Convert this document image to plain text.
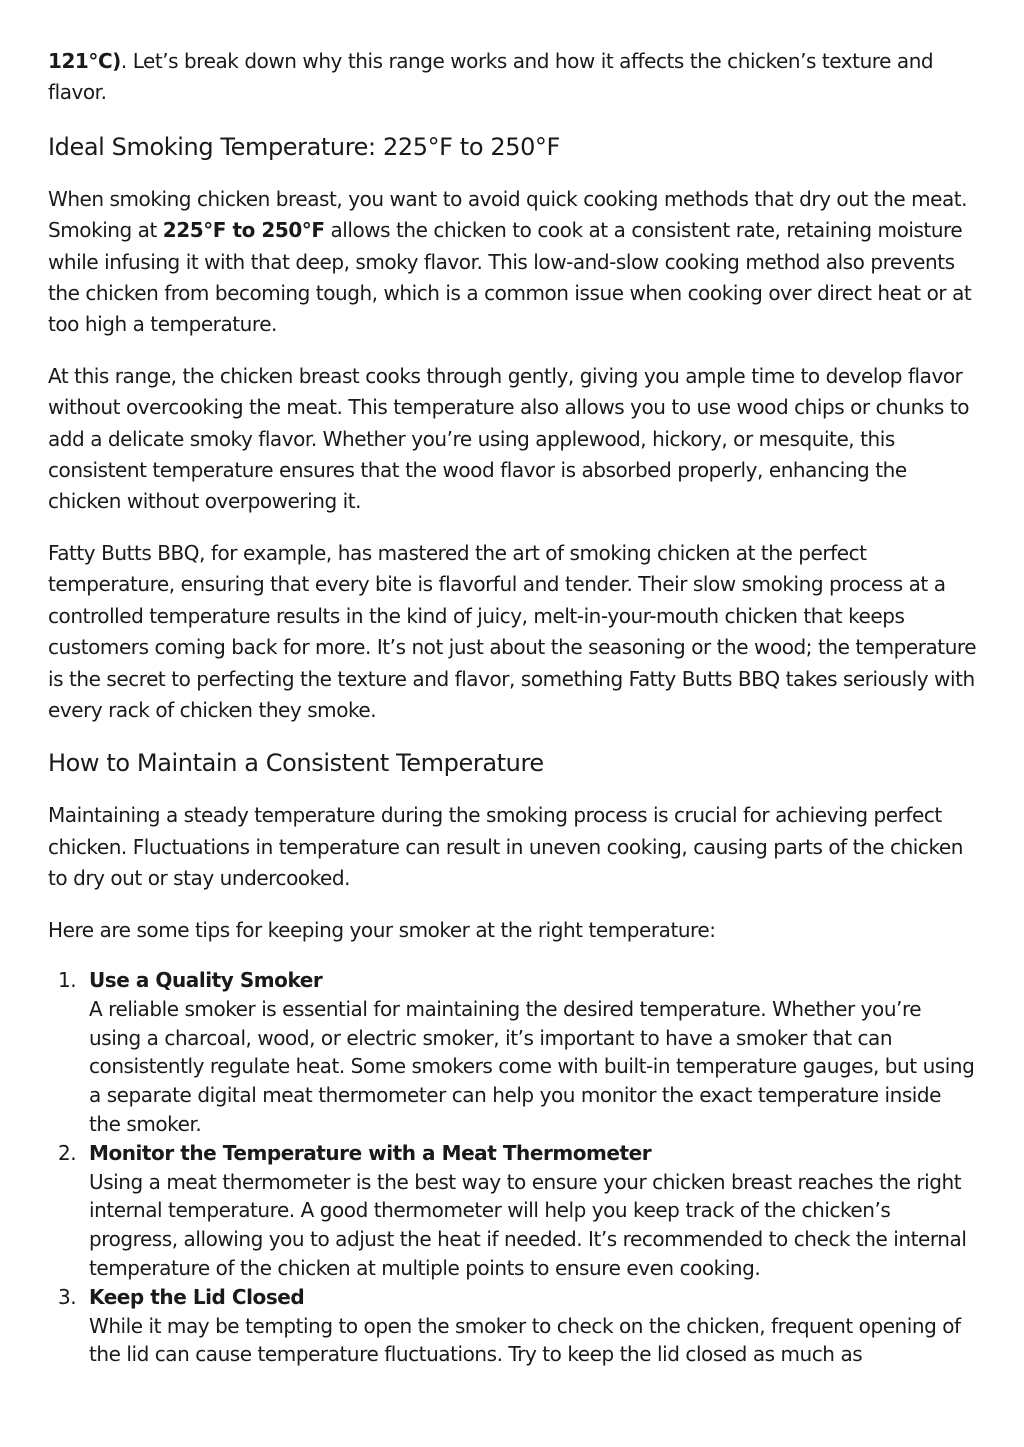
121°C). Let’s break down why this range works and how it affects the chicken’s texture and flavor.

Ideal Smoking Temperature: 225°F to 250°F

When smoking chicken breast, you want to avoid quick cooking methods that dry out the meat. Smoking at 225°F to 250°F allows the chicken to cook at a consistent rate, retaining moisture while infusing it with that deep, smoky flavor. This low-and-slow cooking method also prevents the chicken from becoming tough, which is a common issue when cooking over direct heat or at too high a temperature.

At this range, the chicken breast cooks through gently, giving you ample time to develop flavor without overcooking the meat. This temperature also allows you to use wood chips or chunks to add a delicate smoky flavor. Whether you’re using applewood, hickory, or mesquite, this consistent temperature ensures that the wood flavor is absorbed properly, enhancing the chicken without overpowering it.

Fatty Butts BBQ, for example, has mastered the art of smoking chicken at the perfect temperature, ensuring that every bite is flavorful and tender. Their slow smoking process at a controlled temperature results in the kind of juicy, melt-in-your-mouth chicken that keeps customers coming back for more. It’s not just about the seasoning or the wood; the temperature is the secret to perfecting the texture and flavor, something Fatty Butts BBQ takes seriously with every rack of chicken they smoke.

How to Maintain a Consistent Temperature

Maintaining a steady temperature during the smoking process is crucial for achieving perfect chicken. Fluctuations in temperature can result in uneven cooking, causing parts of the chicken to dry out or stay undercooked.

Here are some tips for keeping your smoker at the right temperature:

1. Use a Quality Smoker
A reliable smoker is essential for maintaining the desired temperature. Whether you’re using a charcoal, wood, or electric smoker, it’s important to have a smoker that can consistently regulate heat. Some smokers come with built-in temperature gauges, but using a separate digital meat thermometer can help you monitor the exact temperature inside the smoker.
2. Monitor the Temperature with a Meat Thermometer
Using a meat thermometer is the best way to ensure your chicken breast reaches the right internal temperature. A good thermometer will help you keep track of the chicken’s progress, allowing you to adjust the heat if needed. It’s recommended to check the internal temperature of the chicken at multiple points to ensure even cooking.
3. Keep the Lid Closed
While it may be tempting to open the smoker to check on the chicken, frequent opening of the lid can cause temperature fluctuations. Try to keep the lid closed as much as
